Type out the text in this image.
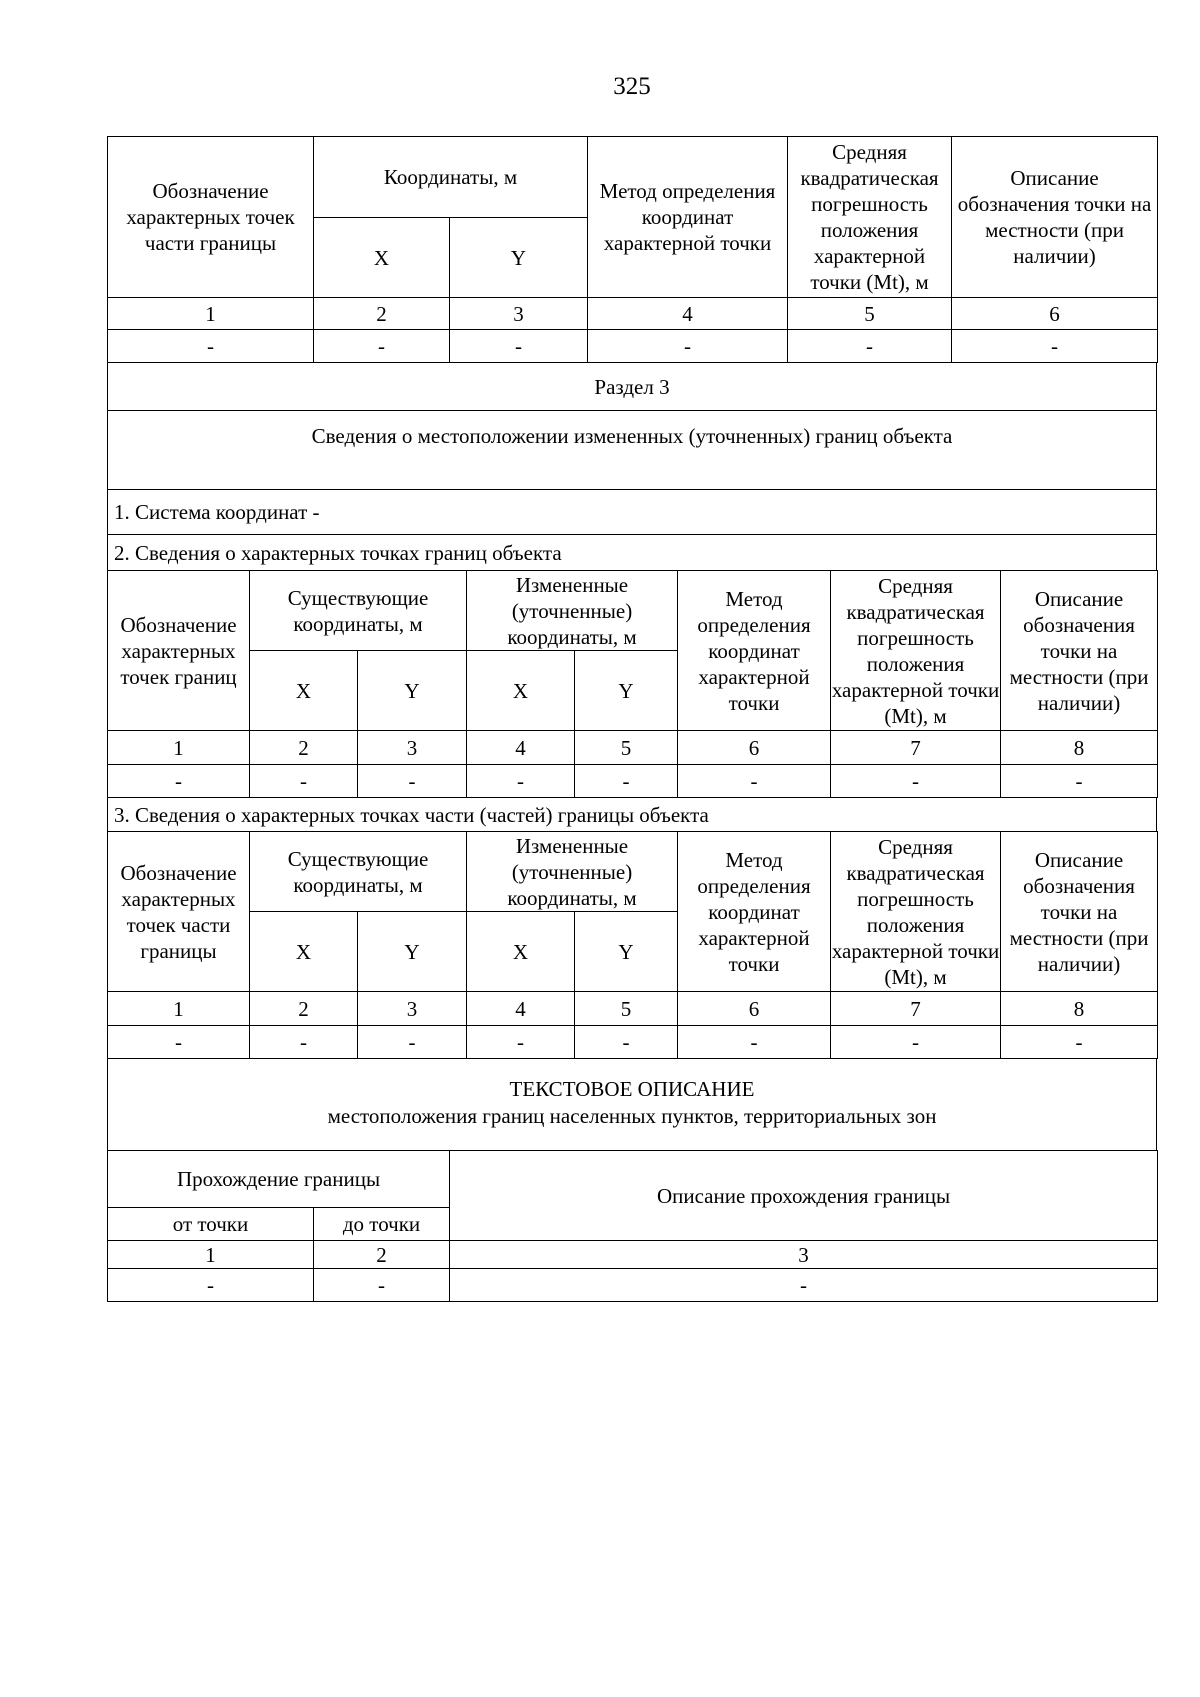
325
Обозначение характерных точек части границы	Координаты, м		Метод определения координат характерной точки	Средняя квадратическая погрешность положения характерной точки (Mt), м	Описание обозначения точки на местности (при наличии)
	X	Y			
1	2	3	4	5	6
-	-	-	-	-	-
Раздел 3
Сведения о местоположении измененных (уточненных) границ объекта
1. Система координат -
2. Сведения о характерных точках границ объекта
Обозначение характерных точек границ	Существующие координаты, м		Измененные (уточненные) координаты, м		Метод определения координат характерной точки	Средняя квадратическая погрешность положения характерной точки (Mt), м	Описание обозначения точки на местности (при наличии)
	X	Y	X	Y			
1	2	3	4	5	6	7	8
-	-	-	-	-	-	-	-
3. Сведения о характерных точках части (частей) границы объекта
Обозначение характерных точек части границы	Существующие координаты, м		Измененные (уточненные) координаты, м		Метод определения координат характерной точки	Средняя квадратическая погрешность положения характерной точки (Mt), м	Описание обозначения точки на местности (при наличии)
	X	Y	X	Y			
1	2	3	4	5	6	7	8
-	-	-	-	-	-	-	-
ТЕКСТОВОЕ ОПИСАНИЕ
местоположения границ населенных пунктов, территориальных зон
Прохождение границы		Описание прохождения границы
от точки	до точки	
1	2	3
-	-	-
